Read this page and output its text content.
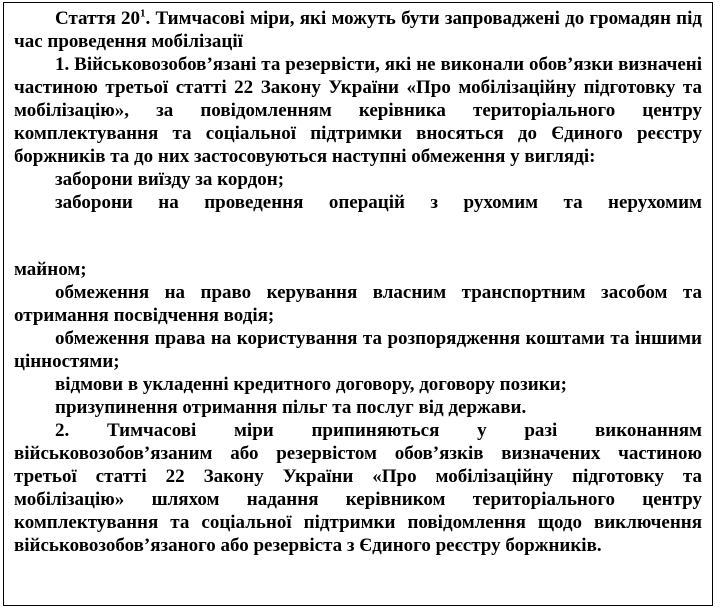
Стаття $20^1$. Тимчасові міри, які можуть бути запроваджені до громадян під час проведення мобілізації

1. Військовозобов’язані та резервісти, які не виконали обов’язки визначені частиною третьої статті 22 Закону України «Про мобілізаційну підготовку та мобілізацію», за повідомленням керівника територіального центру комплектування та соціальної підтримки вносяться до Єдиного реєстру боржників та до них застосовуються наступні обмеження у вигляді:

заборони виїзду за кордон;

заборони на проведення операцій з рухомим та нерухомим

майном;

обмеження на право керування власним транспортним засобом та отримання посвідчення водія;

обмеження права на користування та розпорядження коштами та іншими цінностями;

відмови в укладенні кредитного договору, договору позики;

призупинення отримання пільг та послуг від держави.

2. Тимчасові міри припиняються у разі виконанням військовозобов’язаним або резервістом обов’язків визначених частиною третьої статті 22 Закону України «Про мобілізаційну підготовку та мобілізацію» шляхом надання керівником територіального центру комплектування та соціальної підтримки повідомлення щодо виключення військовозобов’язаного або резервіста з Єдиного реєстру боржників.
